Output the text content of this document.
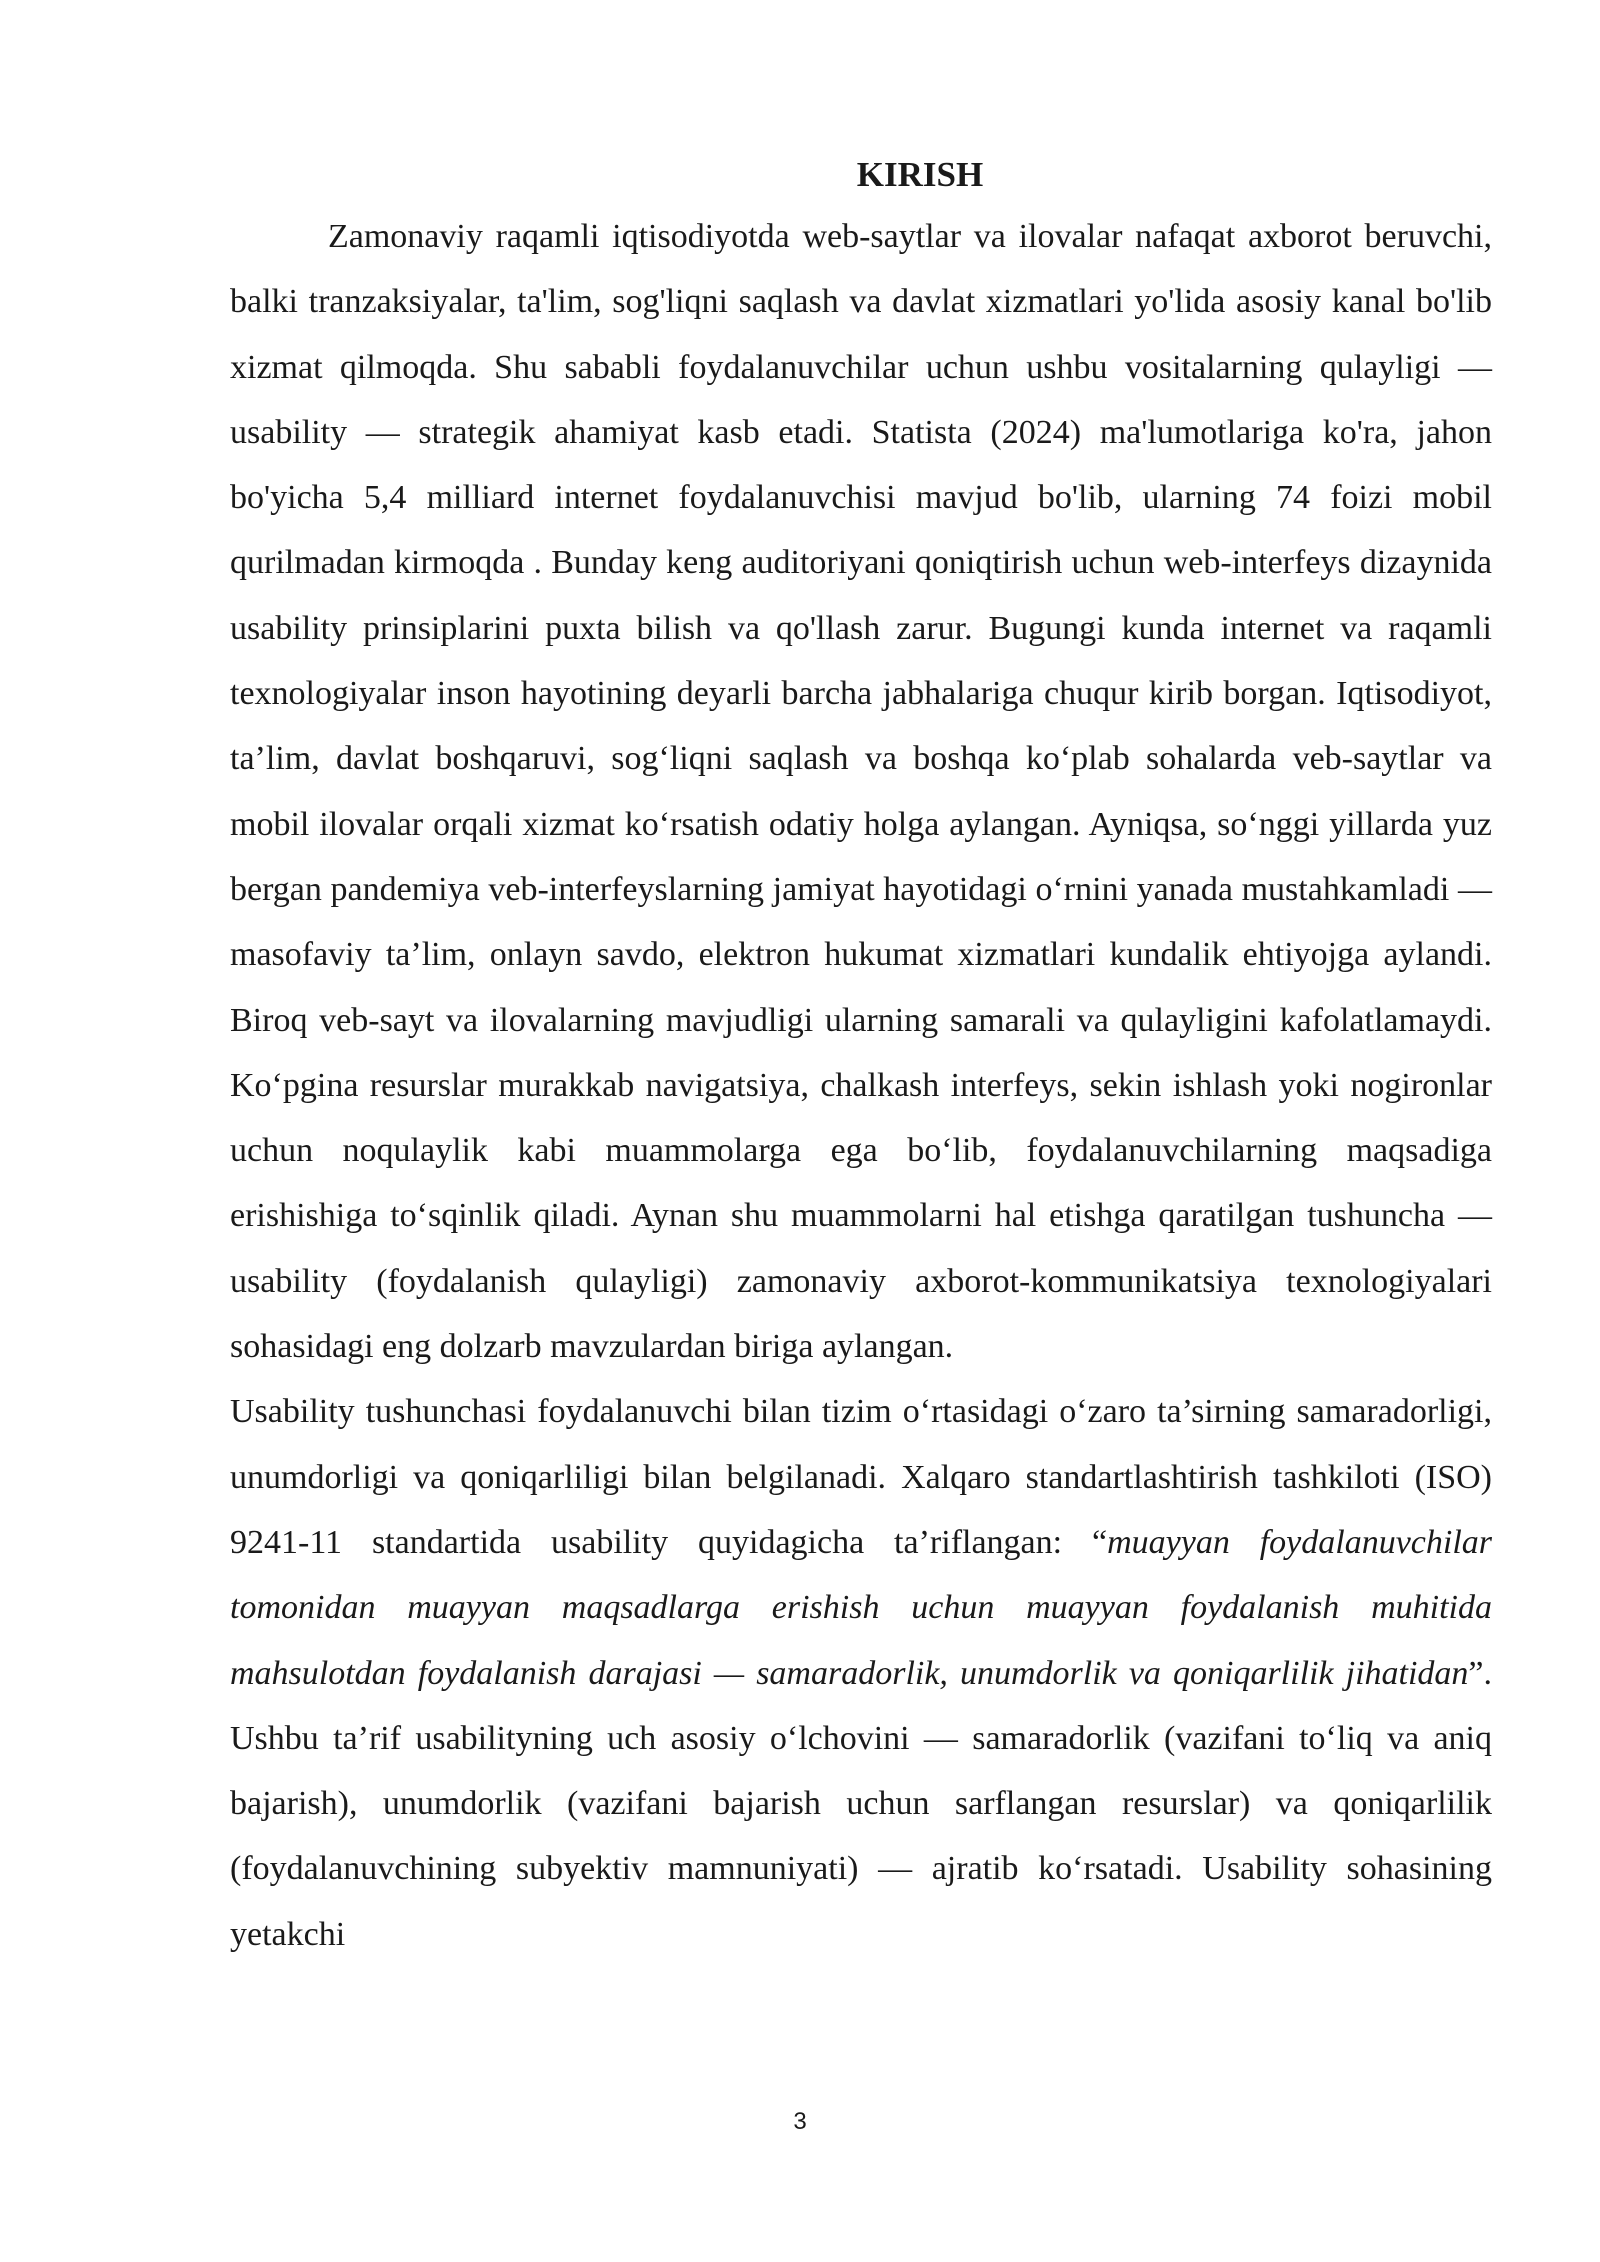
KIRISH

Zamonaviy raqamli iqtisodiyotda web-saytlar va ilovalar nafaqat axborot beruvchi, balki tranzaksiyalar, ta'lim, sog'liqni saqlash va davlat xizmatlari yo'lida asosiy kanal bo'lib xizmat qilmoqda. Shu sababli foydalanuvchilar uchun ushbu vositalarning qulayligi — usability — strategik ahamiyat kasb etadi. Statista (2024) ma'lumotlariga ko'ra, jahon bo'yicha 5,4 milliard internet foydalanuvchisi mavjud bo'lib, ularning 74 foizi mobil qurilmadan kirmoqda . Bunday keng auditoriyani qoniqtirish uchun web-interfeys dizaynida usability prinsiplarini puxta bilish va qo'llash zarur. Bugungi kunda internet va raqamli texnologiyalar inson hayotining deyarli barcha jabhalariga chuqur kirib borgan. Iqtisodiyot, ta’lim, davlat boshqaruvi, sog‘liqni saqlash va boshqa ko‘plab sohalarda veb-saytlar va mobil ilovalar orqali xizmat ko‘rsatish odatiy holga aylangan. Ayniqsa, so‘nggi yillarda yuz bergan pandemiya veb-interfeyslarning jamiyat hayotidagi o‘rnini yanada mustahkamladi — masofaviy ta’lim, onlayn savdo, elektron hukumat xizmatlari kundalik ehtiyojga aylandi. Biroq veb-sayt va ilovalarning mavjudligi ularning samarali va qulayligini kafolatlamaydi. Ko‘pgina resurslar murakkab navigatsiya, chalkash interfeys, sekin ishlash yoki nogironlar uchun noqulaylik kabi muammolarga ega bo‘lib, foydalanuvchilarning maqsadiga erishishiga to‘sqinlik qiladi. Aynan shu muammolarni hal etishga qaratilgan tushuncha — usability (foydalanish qulayligi) zamonaviy axborot-kommunikatsiya texnologiyalari sohasidagi eng dolzarb mavzulardan biriga aylangan.

Usability tushunchasi foydalanuvchi bilan tizim o‘rtasidagi o‘zaro ta’sirning samaradorligi, unumdorligi va qoniqarliligi bilan belgilanadi. Xalqaro standartlashtirish tashkiloti (ISO) 9241-11 standartida usability quyidagicha ta’riflangan: “muayyan foydalanuvchilar tomonidan muayyan maqsadlarga erishish uchun muayyan foydalanish muhitida mahsulotdan foydalanish darajasi — samaradorlik, unumdorlik va qoniqarlilik jihatidan”. Ushbu ta’rif usabilityning uch asosiy o‘lchovini — samaradorlik (vazifani to‘liq va aniq bajarish), unumdorlik (vazifani bajarish uchun sarflangan resurslar) va qoniqarlilik (foydalanuvchining subyektiv mamnuniyati) — ajratib ko‘rsatadi. Usability sohasining yetakchi

3
